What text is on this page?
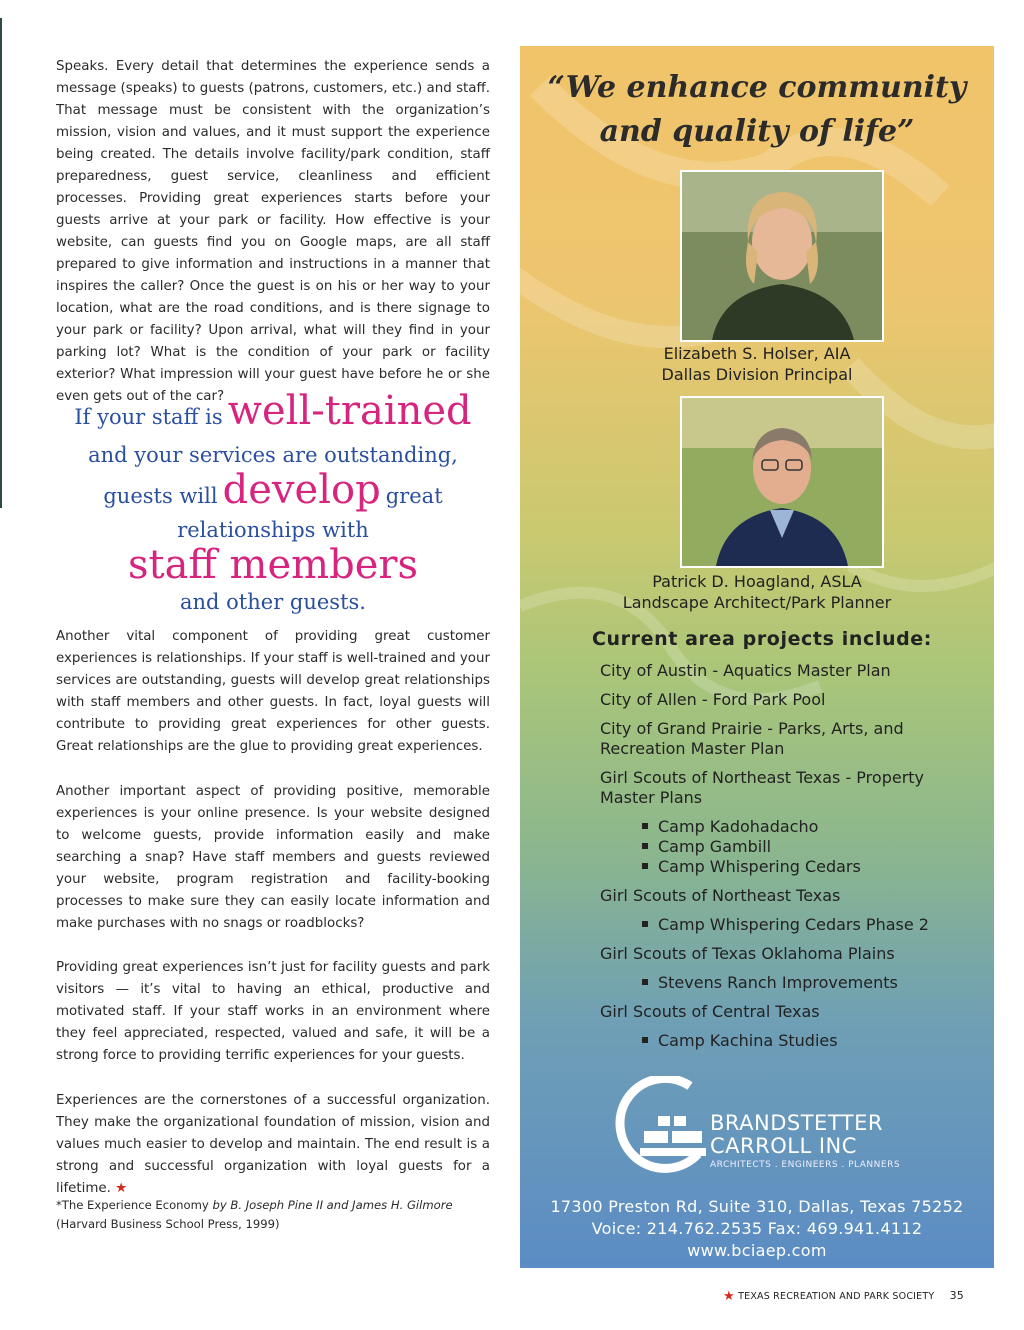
Speaks. Every detail that determines the experience sends a message (speaks) to guests (patrons, customers, etc.) and staff. That message must be consistent with the organization’s mission, vision and values, and it must support the experience being created. The details involve facility/park condition, staff preparedness, guest service, cleanliness and efficient processes. Providing great experiences starts before your guests arrive at your park or facility. How effective is your website, can guests find you on Google maps, are all staff prepared to give information and instructions in a manner that inspires the caller? Once the guest is on his or her way to your location, what are the road conditions, and is there signage to your park or facility? Upon arrival, what will they find in your parking lot? What is the condition of your park or facility exterior? What impression will your guest have before he or she even gets out of the car?

If your staff is well-trained
and your services are outstanding,
guests will develop great
relationships with
staff members
and other guests.

Another vital component of providing great customer experiences is relationships. If your staff is well-trained and your services are outstanding, guests will develop great relationships with staff members and other guests. In fact, loyal guests will contribute to providing great experiences for other guests. Great relationships are the glue to providing great experiences.

Another important aspect of providing positive, memorable experiences is your online presence. Is your website designed to welcome guests, provide information easily and make searching a snap? Have staff members and guests reviewed your website, program registration and facility-booking processes to make sure they can easily locate information and make purchases with no snags or roadblocks?

Providing great experiences isn’t just for facility guests and park visitors — it’s vital to having an ethical, productive and motivated staff. If your staff works in an environment where they feel appreciated, respected, valued and safe, it will be a strong force to providing terrific experiences for your guests.

Experiences are the cornerstones of a successful organization. They make the organizational foundation of mission, vision and values much easier to develop and maintain. The end result is a strong and successful organization with loyal guests for a lifetime. ★

*The Experience Economy by B. Joseph Pine II and James H. Gilmore (Harvard Business School Press, 1999)
“We enhance community
and quality of life”
Elizabeth S. Holser, AIA
Dallas Division Principal
Patrick D. Hoagland, ASLA
Landscape Architect/Park Planner
Current area projects include:
City of Austin - Aquatics Master Plan
City of Allen - Ford Park Pool
City of Grand Prairie - Parks, Arts, and Recreation Master Plan
Girl Scouts of Northeast Texas - Property Master Plans
Camp Kadohadacho
Camp Gambill
Camp Whispering Cedars
Girl Scouts of Northeast Texas
Camp Whispering Cedars Phase 2
Girl Scouts of Texas Oklahoma Plains
Stevens Ranch Improvements
Girl Scouts of Central Texas
Camp Kachina Studies
BRANDSTETTER
CARROLL INC
ARCHITECTS . ENGINEERS . PLANNERS
17300 Preston Rd, Suite 310, Dallas, Texas 75252
Voice: 214.762.2535 Fax: 469.941.4112
www.bciaep.com
★ TEXAS RECREATION AND PARK SOCIETY 35
